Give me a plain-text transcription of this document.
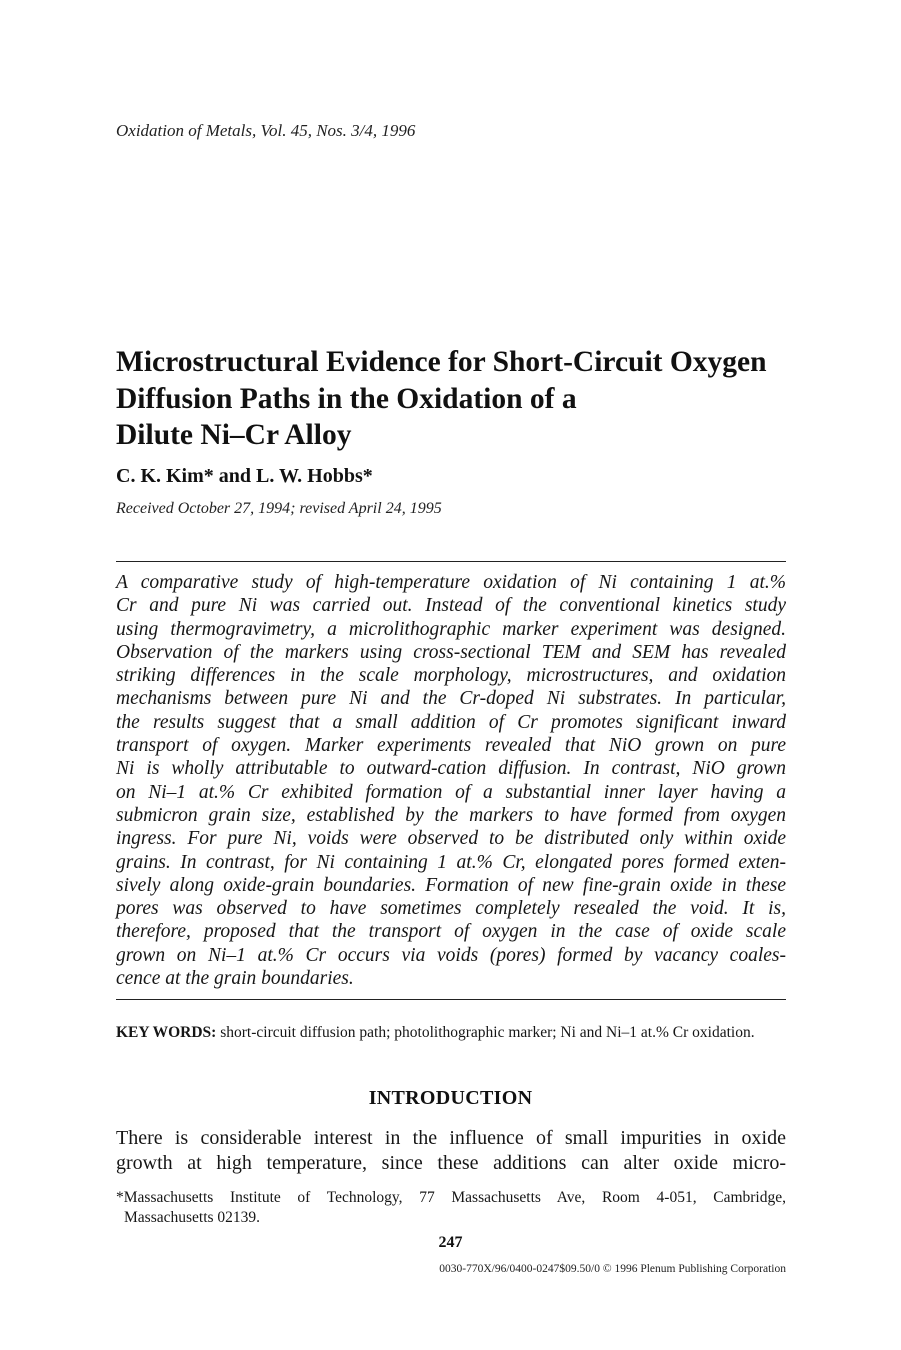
Oxidation of Metals, Vol. 45, Nos. 3/4, 1996
Microstructural Evidence for Short-Circuit Oxygen
Diffusion Paths in the Oxidation of a
Dilute Ni–Cr Alloy
C. K. Kim* and L. W. Hobbs*
Received October 27, 1994; revised April 24, 1995
A comparative study of high-temperature oxidation of Ni containing 1 at.%
Cr and pure Ni was carried out. Instead of the conventional kinetics study
using thermogravimetry, a microlithographic marker experiment was designed.
Observation of the markers using cross-sectional TEM and SEM has revealed
striking differences in the scale morphology, microstructures, and oxidation
mechanisms between pure Ni and the Cr-doped Ni substrates. In particular,
the results suggest that a small addition of Cr promotes significant inward
transport of oxygen. Marker experiments revealed that NiO grown on pure
Ni is wholly attributable to outward-cation diffusion. In contrast, NiO grown
on Ni–1 at.% Cr exhibited formation of a substantial inner layer having a
submicron grain size, established by the markers to have formed from oxygen
ingress. For pure Ni, voids were observed to be distributed only within oxide
grains. In contrast, for Ni containing 1 at.% Cr, elongated pores formed exten-
sively along oxide-grain boundaries. Formation of new fine-grain oxide in these
pores was observed to have sometimes completely resealed the void. It is,
therefore, proposed that the transport of oxygen in the case of oxide scale
grown on Ni–1 at.% Cr occurs via voids (pores) formed by vacancy coales-
cence at the grain boundaries.
KEY WORDS: short-circuit diffusion path; photolithographic marker; Ni and Ni–1 at.% Cr oxidation.
INTRODUCTION
There is considerable interest in the influence of small impurities in oxide
growth at high temperature, since these additions can alter oxide micro-
*Massachusetts Institute of Technology, 77 Massachusetts Ave, Room 4-051, Cambridge,
Massachusetts 02139.
247
0030-770X/96/0400-0247$09.50/0 © 1996 Plenum Publishing Corporation
